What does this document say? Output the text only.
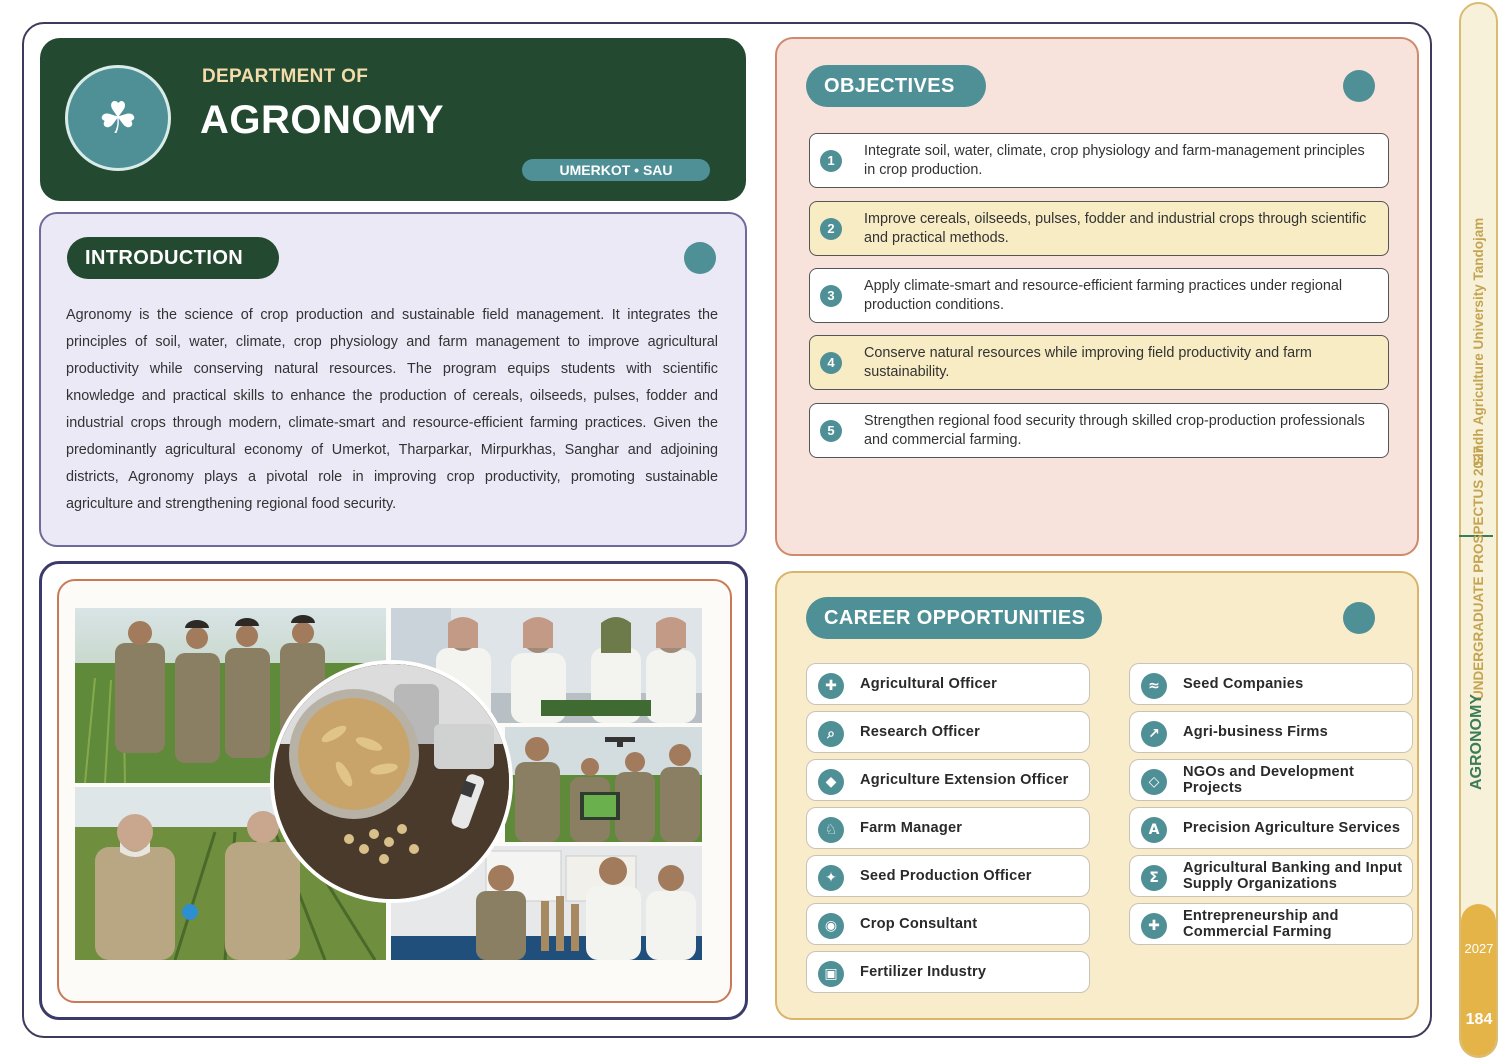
☘
DEPARTMENT OF
AGRONOMY
UMERKOT • SAU
INTRODUCTION
Agronomy is the science of crop production and sustainable field management. It integrates the principles of soil, water, climate, crop physiology and farm management to improve agricultural productivity while conserving natural resources. The program equips students with scientific knowledge and practical skills to enhance the production of cereals, oilseeds, pulses, fodder and industrial crops through modern, climate-smart and resource-efficient farming practices. Given the predominantly agricultural economy of Umerkot, Tharparkar, Mirpurkhas, Sanghar and adjoining districts, Agronomy plays a pivotal role in improving crop productivity, promoting sustainable agriculture and strengthening regional food security.
OBJECTIVES
1
Integrate soil, water, climate, crop physiology and farm-management principles in crop production.
2
Improve cereals, oilseeds, pulses, fodder and industrial crops through scientific and practical methods.
3
Apply climate-smart and resource-efficient farming practices under regional production conditions.
4
Conserve natural resources while improving field productivity and farm sustainability.
5
Strengthen regional food security through skilled crop-production professionals and commercial farming.
CAREER OPPORTUNITIES
✚	Agricultural Officer
⌕	Research Officer
◆	Agriculture Extension Officer
♘	Farm Manager
✦	Seed Production Officer
◉	Crop Consultant
▣	Fertilizer Industry
≈	Seed Companies
↗	Agri-business Firms
◇
NGOs and Development Projects
A	Precision Agriculture Services
Σ
Agricultural Banking and Input Supply Organizations
✚
Entrepreneurship and Commercial Farming
Sindh Agriculture University Tandojam
UNDERGRADUATE PROSPECTUS 2027
AGRONOMY
2027
184
